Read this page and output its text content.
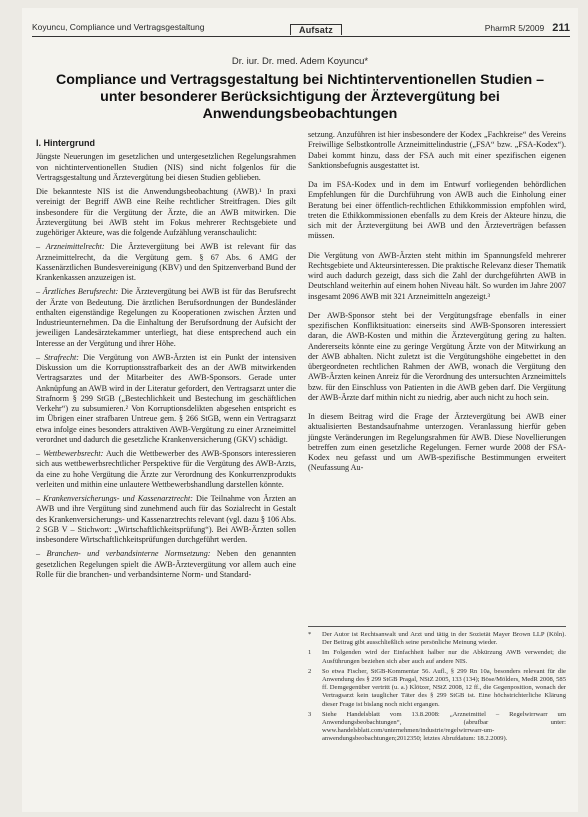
Koyuncu, Compliance und Vertragsgestaltung	Aufsatz	PharmR 5/2009 211
Dr. iur. Dr. med. Adem Koyuncu*
Compliance und Vertragsgestaltung bei Nichtinterventionellen Studien – unter besonderer Berücksichtigung der Ärztevergütung bei Anwendungsbeobachtungen
I. Hintergrund

Jüngste Neuerungen im gesetzlichen und untergesetzlichen Regelungsrahmen von nichtinterventionellen Studien (NIS) sind nicht folgenlos für die Vertragsgestaltung und Ärztevergütung bei diesen Studien geblieben.

Die bekannteste NIS ist die Anwendungsbeobachtung (AWB).¹ In praxi vereinigt der Begriff AWB eine Reihe rechtlicher Streitfragen. Dies gilt insbesondere für die Vergütung der Ärzte, die an AWB mitwirken. Die Ärztevergütung bei AWB steht im Fokus mehrerer Rechtsgebiete und zugehöriger Akteure, was die folgende Aufzählung veranschaulicht:

– Arzneimittelrecht: Die Ärztevergütung bei AWB ist relevant für das Arzneimittelrecht, da die Vergütung gem. § 67 Abs. 6 AMG der Kassenärztlichen Bundesvereinigung (KBV) und den Spitzenverband Bund der Krankenkassen anzuzeigen ist.
– Ärztliches Berufsrecht: Die Ärztevergütung bei AWB ist für das Berufsrecht der Ärzte von Bedeutung. Die ärztlichen Berufsordnungen der Bundesländer enthalten eigenständige Regelungen zu Kooperationen zwischen Ärzten und Industrieunternehmen. Da die Einhaltung der Berufsordnung der Aufsicht der jeweiligen Landesärztekammer unterliegt, hat diese entsprechend auch ein Interesse an der Vergütung und ihrer Höhe.
– Strafrecht: Die Vergütung von AWB-Ärzten ist ein Punkt der intensiven Diskussion um die Korruptionsstrafbarkeit des an der AWB mitwirkenden Vertragsarztes und der Mitarbeiter des AWB-Sponsors. Gerade unter Anknüpfung an AWB wird in der Literatur gefordert, den Vertragsarzt unter die Strafnorm § 299 StGB („Bestechlichkeit und Bestechung im geschäftlichen Verkehr“) zu subsumieren.² Von Korruptionsdelikten abgesehen entspricht es im Übrigen einer strafbaren Untreue gem. § 266 StGB, wenn ein Vertragsarzt etwa infolge eines besonders attraktiven AWB-Vergütung zu einer Arzneimittel verordnet und dadurch die gesetzliche Krankenversicherung (GKV) schädigt.
– Wettbewerbsrecht: Auch die Wettbewerber des AWB-Sponsors interessieren sich aus wettbewerbsrechtlicher Perspektive für die Vergütung des AWB-Arzts, da eine zu hohe Vergütung die Ärzte zur Verordnung des Konkurrenzprodukts verleiten und mithin eine unlautere Wettbewerbshandlung darstellen könnte.
– Krankenversicherungs- und Kassenarztrecht: Die Teilnahme von Ärzten an AWB und ihre Vergütung sind zunehmend auch für das Sozialrecht in Gestalt des Krankenversicherungs- und Kassenarztrechts relevant (vgl. dazu § 106 Abs. 2 SGB V – Stichwort: „Wirtschaftlichkeitsprüfung“). Bei AWB-Ärzten sollen insbesondere Wirtschaftlichkeitsprüfungen durchgeführt werden.
– Branchen- und verbandsinterne Normsetzung: Neben den genannten gesetzlichen Regelungen spielt die AWB-Ärztevergütung vor allem auch eine Rolle für die branchen- und verbandsinterne Norm- und Standard-

setzung. Anzuführen ist hier insbesondere der Kodex „Fachkreise“ des Vereins Freiwillige Selbstkontrolle Arzneimittelindustrie („FSA“ bzw. „FSA-Kodex“). Dabei kommt hinzu, dass der FSA auch mit einer spezifischen eigenen Sanktionsbefugnis ausgestattet ist.

Da im FSA-Kodex und in dem im Entwurf vorliegenden behördlichen Empfehlungen für die Durchführung von AWB auch die Einholung einer Beratung bei einer öffentlich-rechtlichen Ethikkommission empfohlen wird, treten die Ethikkommissionen ebenfalls zu dem Kreis der Akteure hinzu, die sich mit der Ärztevergütung bei AWB und den Ärzteverträgen befassen müssen.

Die Vergütung von AWB-Ärzten steht mithin im Spannungsfeld mehrerer Rechtsgebiete und Akteursinteressen. Die praktische Relevanz dieser Thematik wird auch dadurch gezeigt, dass sich die Zahl der durchgeführten AWB in Deutschland weiterhin auf einem hohen Niveau hält. So wurden im Jahre 2007 insgesamt 2096 AWB mit 321 Arzneimitteln angezeigt.³

Der AWB-Sponsor steht bei der Vergütungsfrage ebenfalls in einer spezifischen Konfliktsituation: einerseits sind AWB-Sponsoren interessiert daran, die AWB-Kosten und mithin die Ärztevergütung gering zu halten. Andererseits könnte eine zu geringe Vergütung Ärzte von der Mitwirkung an der AWB abhalten. Nicht zuletzt ist die Vergütungshöhe eingebettet in den übergeordneten rechtlichen Rahmen der AWB, wonach die Vergütung den AWB-Ärzten keinen Anreiz für die Verordnung des untersuchten Arzneimittels bzw. für den Einschluss von Patienten in die AWB geben darf. Die Vergütung der AWB-Ärzte darf mithin nicht zu niedrig, aber auch nicht zu hoch sein.

In diesem Beitrag wird die Frage der Ärztevergütung bei AWB einer aktualisierten Bestandsaufnahme unterzogen. Veranlassung hierfür geben jüngste Veränderungen im Regelungsrahmen für AWB. Diese Novellierungen betreffen zum einen gesetzliche Regelungen. Ferner wurde 2008 der FSA-Kodex neu gefasst und um AWB-spezifische Bestimmungen erweitert (Neufassung Au-

*	Der Autor ist Rechtsanwalt und Arzt und tätig in der Sozietät Mayer Brown LLP (Köln). Der Beitrag gibt ausschließlich seine persönliche Meinung wieder.
1	Im Folgenden wird der Einfachheit halber nur die Abkürzung AWB verwendet; die Ausführungen beziehen sich aber auch auf andere NIS.
2	So etwa Fischer, StGB-Kommentar 56. Aufl., § 299 Rn 10a, besonders relevant für die Anwendung des § 299 StGB Pragal, NStZ 2005, 133 (134); Böse/Mölders, MedR 2008, 585 ff. Demgegenüber vertritt (u. a.) Klötzer, NStZ 2008, 12 ff., die Gegenposition, wonach der Vertragsarzt kein tauglicher Täter des § 299 StGB ist. Eine höchstrichterliche Klärung dieser Frage ist bislang noch nicht ergangen.
3	Siehe Handelsblatt vom 13.8.2008: „Arzneimittel – Regelwirrwarr um Anwendungsbeobachtungen“, (abrufbar unter: www.handelsblatt.com/unternehmen/industrie/regelwirrwarr-um-anwendungsbeobachtungen;2012350; letztes Abrufdatum: 18.2.2009).
